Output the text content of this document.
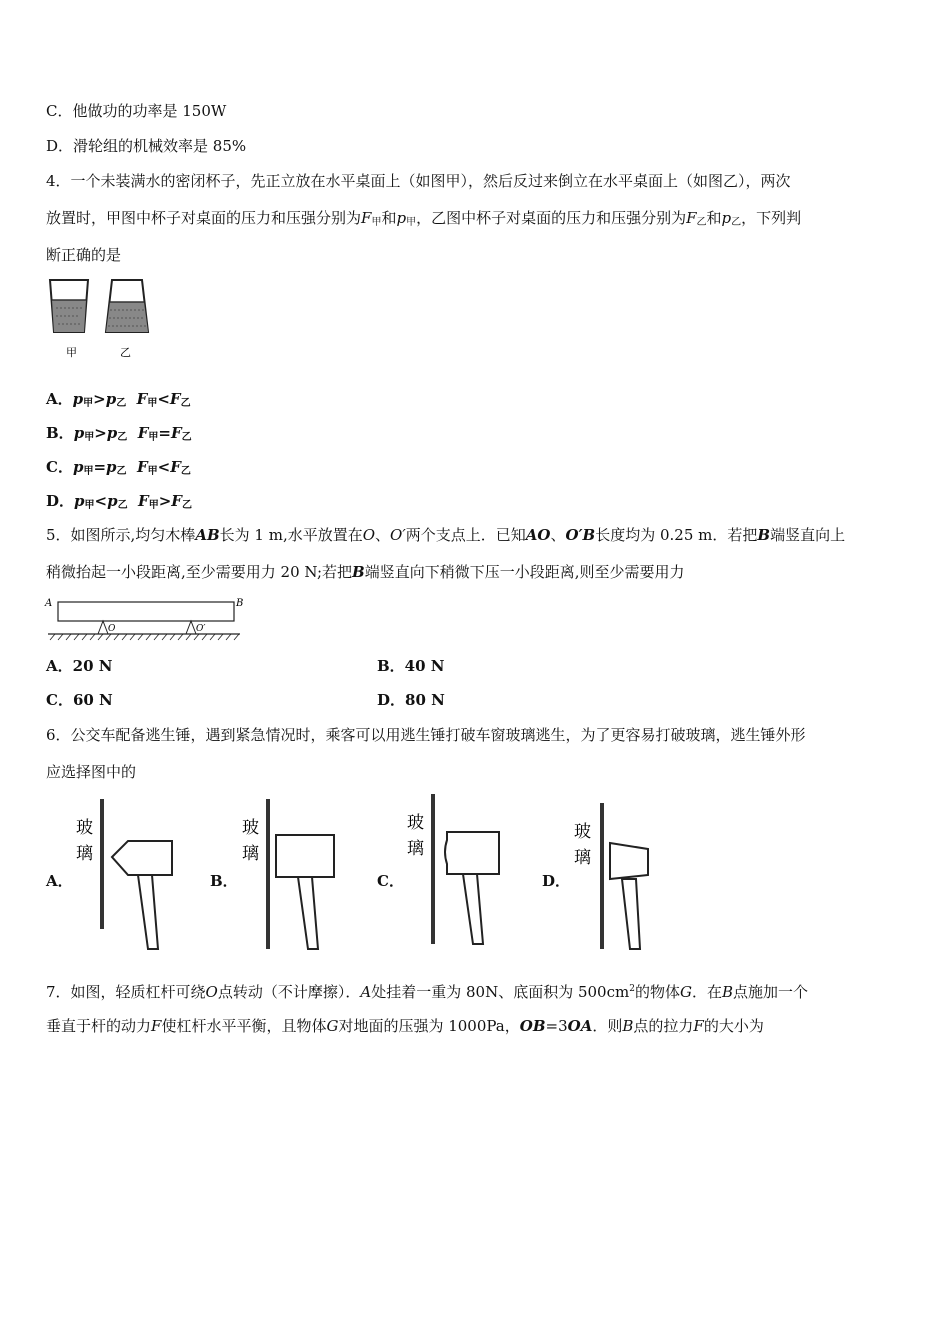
C．他做功的功率是 150W
D．滑轮组的机械效率是 85%
4．一个未装满水的密闭杯子，先正立放在水平桌面上（如图甲），然后反过来倒立在水平桌面上（如图乙），两次
放置时，甲图中杯子对桌面的压力和压强分别为$F_甲$和$p_甲$，乙图中杯子对桌面的压力和压强分别为$F_乙$和$p_乙$，下列判
断正确的是
甲	乙
A．$p_甲>p_乙$ $F_甲<F_乙$
B．$p_甲>p_乙$ $F_甲=F_乙$
C．$p_甲=p_乙$ $F_甲<F_乙$
D．$p_甲<p_乙$ $F_甲>F_乙$
5．如图所示,均匀木棒AB长为 1 m,水平放置在O、O′两个支点上．已知AO、O′B长度均为 0.25 m．若把B端竖直向上
稍微抬起一小段距离,至少需要用力 20 N;若把B端竖直向下稍微下压一小段距离,则至少需要用力
A	B
O	O′
A．20 N	B．40 N
C．60 N	D．80 N
6．公交车配备逃生锤，遇到紧急情况时，乘客可以用逃生锤打破车窗玻璃逃生，为了更容易打破玻璃，逃生锤外形
应选择图中的
A．
玻
璃
B．
玻
璃
C．
玻
璃
D．
玻
璃
7．如图，轻质杠杆可绕O点转动（不计摩擦）．A处挂着一重为 80N、底面积为 $500cm^2$的物体G．在B点施加一个
垂直于杆的动力F使杠杆水平平衡，且物体G对地面的压强为 1000Pa，OB=3OA．则B点的拉力F的大小为
